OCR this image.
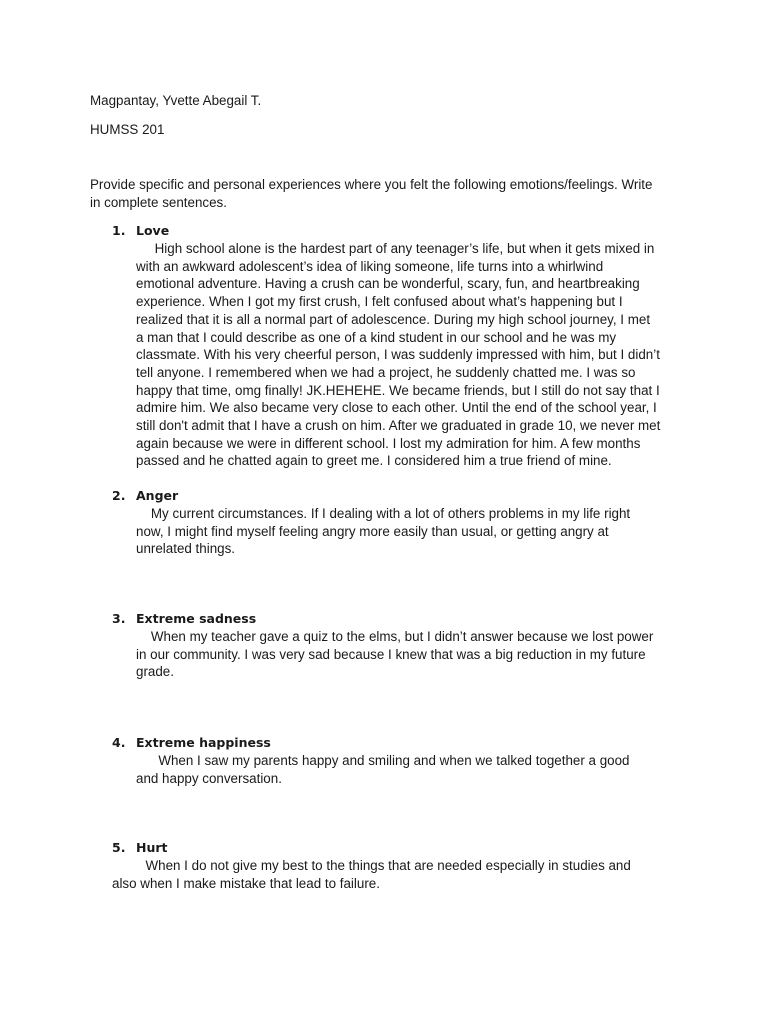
Magpantay, Yvette Abegail T.
HUMSS 201
Provide specific and personal experiences where you felt the following emotions/feelings. Write
in complete sentences.
1. Love
High school alone is the hardest part of any teenager’s life, but when it gets mixed in
with an awkward adolescent’s idea of liking someone, life turns into a whirlwind
emotional adventure. Having a crush can be wonderful, scary, fun, and heartbreaking
experience. When I got my first crush, I felt confused about what’s happening but I
realized that it is all a normal part of adolescence. During my high school journey, I met
a man that I could describe as one of a kind student in our school and he was my
classmate. With his very cheerful person, I was suddenly impressed with him, but I didn’t
tell anyone. I remembered when we had a project, he suddenly chatted me. I was so
happy that time, omg finally! JK.HEHEHE. We became friends, but I still do not say that I
admire him. We also became very close to each other. Until the end of the school year, I
still don't admit that I have a crush on him. After we graduated in grade 10, we never met
again because we were in different school. I lost my admiration for him. A few months
passed and he chatted again to greet me. I considered him a true friend of mine.
2. Anger
My current circumstances. If I dealing with a lot of others problems in my life right
now, I might find myself feeling angry more easily than usual, or getting angry at
unrelated things.
3. Extreme sadness
When my teacher gave a quiz to the elms, but I didn’t answer because we lost power
in our community. I was very sad because I knew that was a big reduction in my future
grade.
4. Extreme happiness
When I saw my parents happy and smiling and when we talked together a good
and happy conversation.
5. Hurt
When I do not give my best to the things that are needed especially in studies and
also when I make mistake that lead to failure.
